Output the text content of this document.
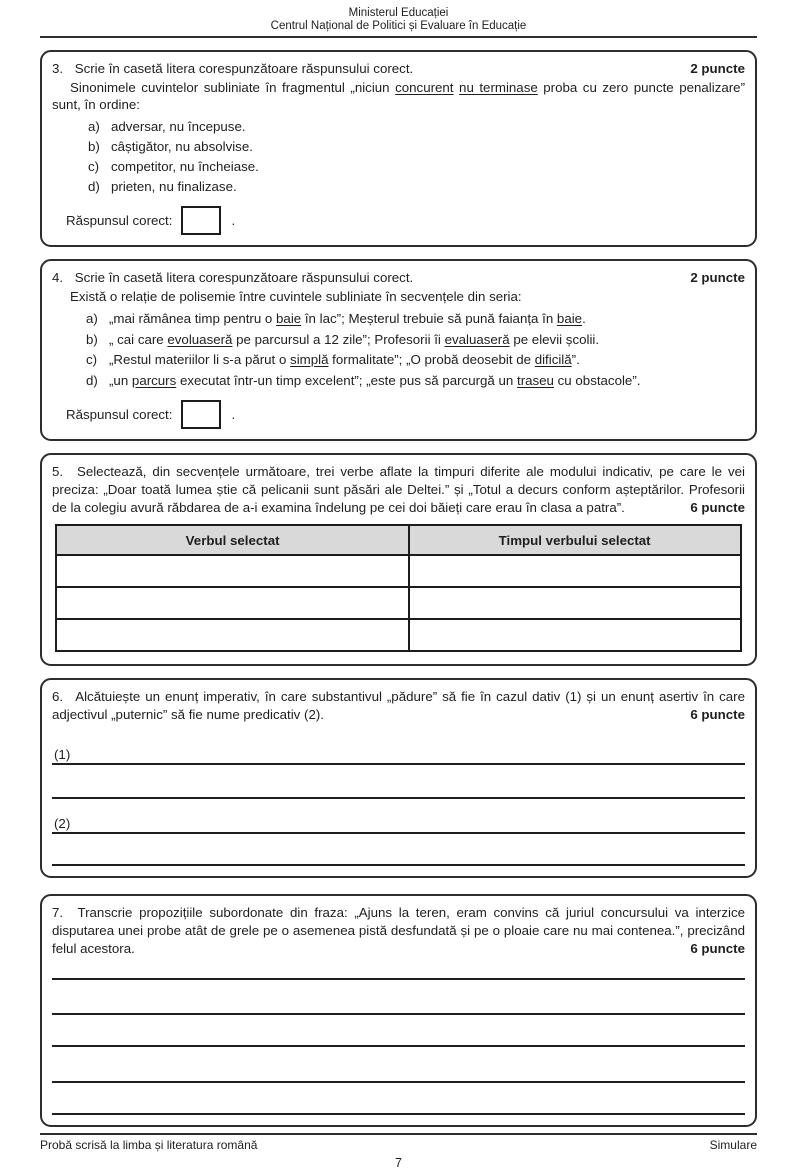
Ministerul Educației
Centrul Național de Politici și Evaluare în Educație

2 puncte
3. Scrie în casetă litera corespunzătoare răspunsului corect.

Sinonimele cuvintelor subliniate în fragmentul „niciun concurent nu terminase proba cu zero puncte penalizare” sunt, în ordine:

a) adversar, nu începuse.
b) câștigător, nu absolvise.
c) competitor, nu încheiase.
d) prieten, nu finalizase.
Răspunsul corect:	.

2 puncte
4. Scrie în casetă litera corespunzătoare răspunsului corect.

Există o relație de polisemie între cuvintele subliniate în secvențele din seria:

a) „mai rămânea timp pentru o baie în lac”; Meșterul trebuie să pună faianța în baie.
b) „ cai care evoluaseră pe parcursul a 12 zile”; Profesorii îi evaluaseră pe elevii școlii.
c) „Restul materiilor li s-a părut o simplă formalitate”; „O probă deosebit de dificilă”.
d) „un parcurs executat într-un timp excelent”; „este pus să parcurgă un traseu cu obstacole”.
Răspunsul corect:	.

5. Selectează, din secvențele următoare, trei verbe aflate la timpuri diferite ale modului indicativ, pe care le vei preciza: „Doar toată lumea știe că pelicanii sunt păsări ale Deltei.” și „Totul a decurs conform așteptărilor. Profesorii de la colegiu avură răbdarea de a-i examina îndelung pe cei doi băieți care erau în clasa a patra”.	6 puncte

Verbul selectat	Timpul verbului selectat

6. Alcătuiește un enunț imperativ, în care substantivul „pădure” să fie în cazul dativ (1) și un enunț asertiv în care adjectivul „puternic” să fie nume predicativ (2).	6 puncte

(1)
(2)

7. Transcrie propozițiile subordonate din fraza: „Ajuns la teren, eram convins că juriul concursului va interzice disputarea unei probe atât de grele pe o asemenea pistă desfundată și pe o ploaie care nu mai contenea.”, precizând felul acestora.	6 puncte

Probă scrisă la limba și literatura română	Simulare
7
